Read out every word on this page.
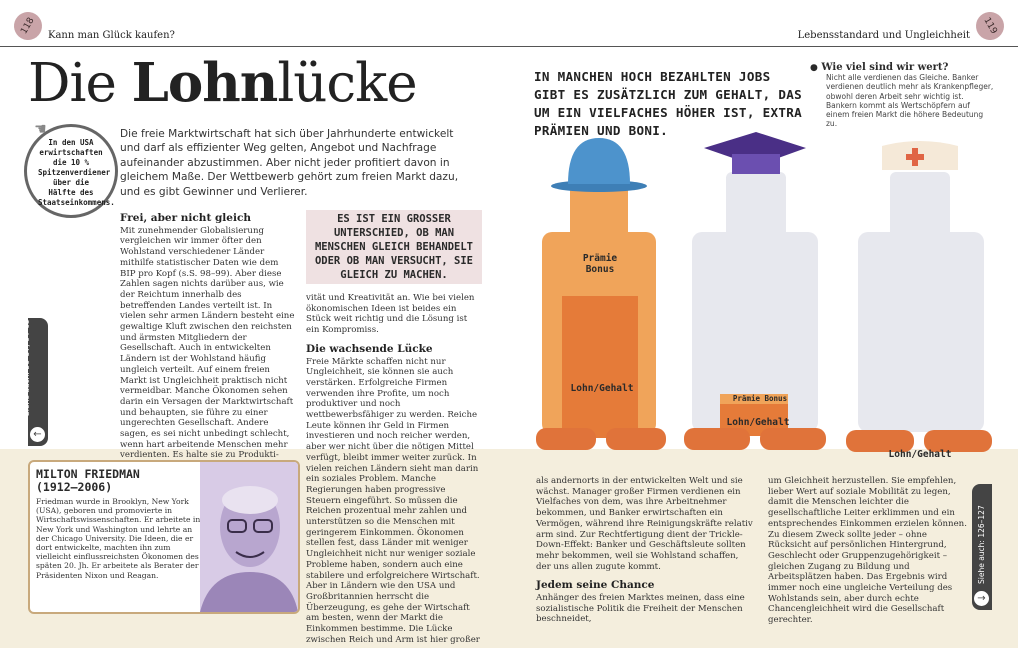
118	Kann man Glück kaufen?	Lebensstandard und Ungleichheit	119
Die Lohnlücke
☚
In den USA erwirtschaften die 10 % Spitzenverdiener über die Hälfte des Staatseinkommens.
Die freie Marktwirtschaft hat sich über Jahrhunderte entwickelt und darf als effizienter Weg gelten, Angebot und Nachfrage aufeinander abzustimmen. Aber nicht jeder profitiert davon in gleichem Maße. Der Wettbewerb gehört zum freien Markt dazu, und es gibt Gewinner und Verlierer.
Frei, aber nicht gleich
Mit zunehmender Globalisierung vergleichen wir immer öfter den Wohlstand verschiedener Länder mithilfe statistischer Daten wie dem BIP pro Kopf (s.S. 98–99). Aber diese Zahlen sagen nichts darüber aus, wie der Reichtum innerhalb des betreffenden Landes verteilt ist. In vielen sehr armen Ländern besteht eine gewaltige Kluft zwischen den reichsten und ärmsten Mitgliedern der Gesellschaft. Auch in entwickelten Ländern ist der Wohlstand häufig ungleich verteilt. Auf einem freien Markt ist Ungleichheit praktisch nicht vermeidbar. Manche Ökonomen sehen darin ein Versagen der Marktwirtschaft und behaupten, sie führe zu einer ungerechten Gesellschaft. Andere sagen, es sei nicht unbedingt schlecht, wenn hart arbeitende Menschen mehr verdienten. Es halte sie zu Produkti-
ES IST EIN GROSSER UNTERSCHIED, OB MAN MENSCHEN GLEICH BEHANDELT ODER OB MAN VERSUCHT, SIE GLEICH ZU MACHEN.
vität und Kreativität an. Wie bei vielen ökonomischen Ideen ist beides ein Stück weit richtig und die Lösung ist ein Kompromiss.
Die wachsende Lücke
Freie Märkte schaffen nicht nur Ungleichheit, sie können sie auch verstärken. Erfolgreiche Firmen verwenden ihre Profite, um noch produktiver und noch wettbewerbsfähiger zu werden. Reiche Leute können ihr Geld in Firmen investieren und noch reicher werden, aber wer nicht über die nötigen Mittel verfügt, bleibt immer weiter zurück. In vielen reichen Ländern sieht man darin ein soziales Problem. Manche Regierungen haben progressive Steuern eingeführt. So müssen die Reichen prozentual mehr zahlen und unterstützen so die Menschen mit geringerem Einkommen. Ökonomen stellen fest, dass Länder mit weniger Ungleichheit nicht nur weniger soziale Probleme haben, sondern auch eine stabilere und erfolgreichere Wirtschaft. Aber in Ländern wie den USA und Großbritannien herrscht die Überzeugung, es gehe der Wirtschaft am besten, wenn der Markt die Einkommen bestimme. Die Lücke zwischen Reich und Arm ist hier großer
Siehe auch: 56–57, 64–65
←
MILTON FRIEDMAN
(1912–2006)
Friedman wurde in Brooklyn, New York (USA), geboren und promovierte in Wirtschaftswissenschaften. Er arbeitete in New York und Washington und lehrte an der Chicago University. Die Ideen, die er dort entwickelte, machten ihn zum vielleicht einflussreichsten Ökonomen des späten 20. Jh. Er arbeitete als Berater der Präsidenten Nixon und Reagan.
IN MANCHEN HOCH BEZAHLTEN JOBS GIBT ES ZUSÄTZLICH ZUM GEHALT, DAS UM EIN VIELFACHES HÖHER IST, EXTRA PRÄMIEN UND BONI.
● Wie viel sind wir wert?
Nicht alle verdienen das Gleiche. Banker verdienen deutlich mehr als Krankenpfleger, obwohl deren Arbeit sehr wichtig ist. Bankern kommt als Wertschöpfern auf einem freien Markt die höhere Bedeutung zu.
Prämie Bonus
Lohn/Gehalt
Prämie Bonus
Lohn/Gehalt
Lohn/Gehalt
als andernorts in der entwickelten Welt und sie wächst. Manager großer Firmen verdienen ein Vielfaches von dem, was ihre Arbeitnehmer bekommen, und Banker erwirtschaften ein Vermögen, während ihre Reinigungskräfte relativ arm sind. Zur Rechtfertigung dient der Trickle-Down-Effekt: Banker und Geschäftsleute sollten mehr bekommen, weil sie Wohlstand schaffen, der uns allen zugute kommt.
Jedem seine Chance
Anhänger des freien Marktes meinen, dass eine sozialistische Politik die Freiheit der Menschen beschneidet,
um Gleichheit herzustellen. Sie empfehlen, lieber Wert auf soziale Mobilität zu legen, damit die Menschen leichter die gesellschaftliche Leiter erklimmen und ein entsprechendes Einkommen erzielen können. Zu diesem Zweck sollte jeder – ohne Rücksicht auf persönlichen Hintergrund, Geschlecht oder Gruppenzugehörigkeit – gleichen Zugang zu Bildung und Arbeitsplätzen haben. Das Ergebnis wird immer noch eine ungleiche Verteilung des Wohlstands sein, aber durch echte Chancengleichheit wird die Gesellschaft gerechter.
Siehe auch: 126–127
→
